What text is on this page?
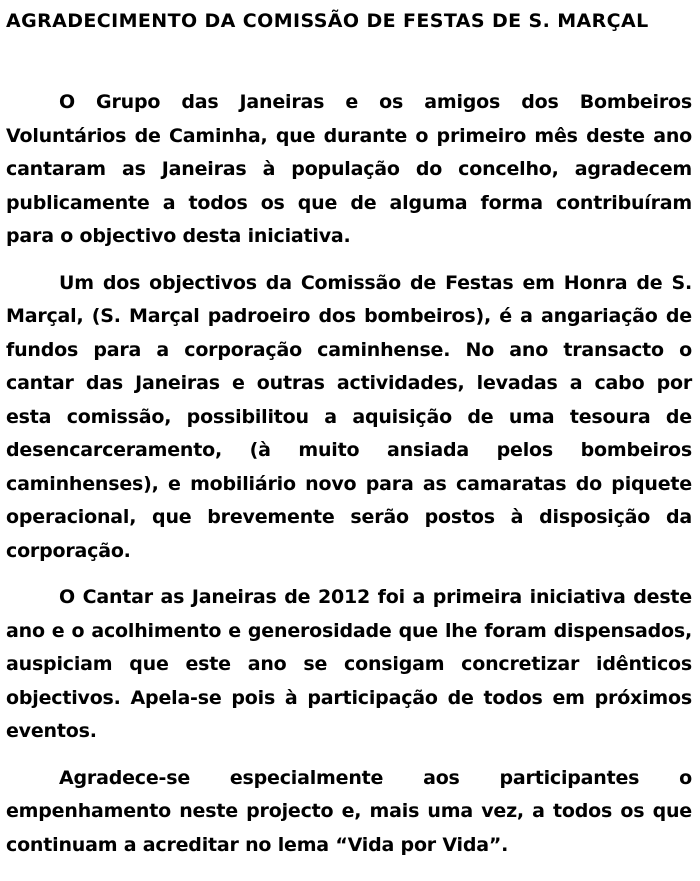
AGRADECIMENTO DA COMISSÃO DE FESTAS DE S. MARÇAL

O Grupo das Janeiras e os amigos dos Bombeiros Voluntários de Caminha, que durante o primeiro mês deste ano cantaram as Janeiras à população do concelho, agradecem publicamente a todos os que de alguma forma contribuíram para o objectivo desta iniciativa.

Um dos objectivos da Comissão de Festas em Honra de S. Marçal, (S. Marçal padroeiro dos bombeiros), é a angariação de fundos para a corporação caminhense. No ano transacto o cantar das Janeiras e outras actividades, levadas a cabo por esta comissão, possibilitou a aquisição de uma tesoura de desencarceramento, (à muito ansiada pelos bombeiros caminhenses), e mobiliário novo para as camaratas do piquete operacional, que brevemente serão postos à disposição da corporação.

O Cantar as Janeiras de 2012 foi a primeira iniciativa deste ano e o acolhimento e generosidade que lhe foram dispensados, auspiciam que este ano se consigam concretizar idênticos objectivos. Apela-se pois à participação de todos em próximos eventos.

Agradece-se especialmente aos participantes o empenhamento neste projecto e, mais uma vez, a todos os que continuam a acreditar no lema “Vida por Vida”.
